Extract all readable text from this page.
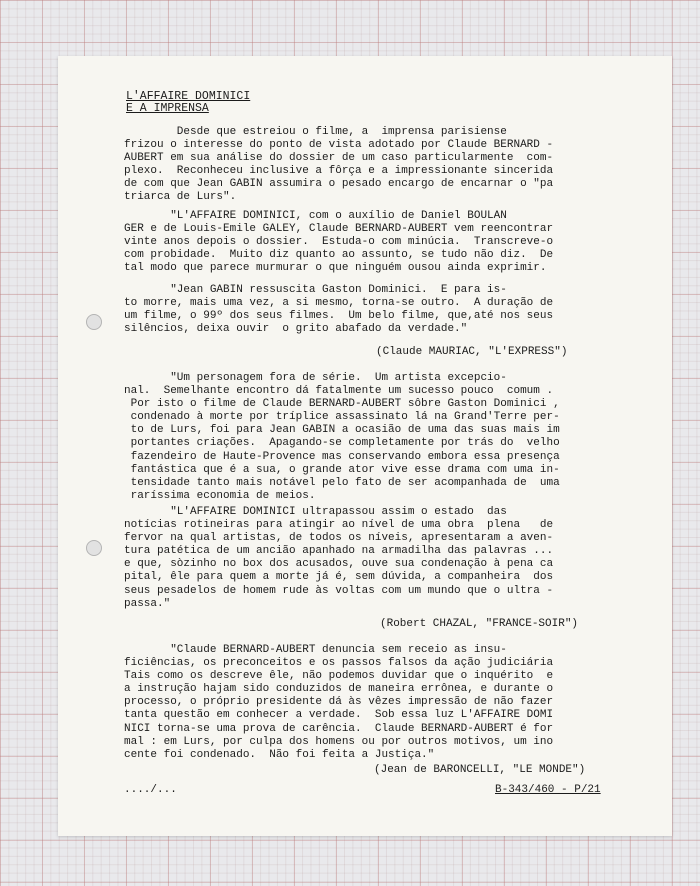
L'AFFAIRE DOMINICI
E A IMPRENSA
Desde que estreiou o filme, a  imprensa parisiense
frizou o interesse do ponto de vista adotado por Claude BERNARD -
AUBERT em sua análise do dossier de um caso particularmente  com-
plexo.  Reconheceu inclusive a fôrça e a impressionante sincerida
de com que Jean GABIN assumira o pesado encargo de encarnar o "pa
triarca de Lurs".
"L'AFFAIRE DOMINICI, com o auxílio de Daniel BOULAN
GER e de Louis-Emile GALEY, Claude BERNARD-AUBERT vem reencontrar
vinte anos depois o dossier.  Estuda-o com minúcia.  Transcreve-o
com probidade.  Muito diz quanto ao assunto, se tudo não diz.  De
tal modo que parece murmurar o que ninguém ousou ainda exprimir.
"Jean GABIN ressuscita Gaston Dominici.  E para is-
to morre, mais uma vez, a si mesmo, torna-se outro.  A duração de
um filme, o 99º dos seus filmes.  Um belo filme, que,até nos seus
silêncios, deixa ouvir  o grito abafado da verdade."
(Claude MAURIAC, "L'EXPRESS")
"Um personagem fora de série.  Um artista excepcio-
nal.  Semelhante encontro dá fatalmente um sucesso pouco  comum .
Por isto o filme de Claude BERNARD-AUBERT sôbre Gaston Dominici ,
condenado à morte por tríplice assassinato lá na Grand'Terre per-
to de Lurs, foi para Jean GABIN a ocasião de uma das suas mais im
portantes criações.  Apagando-se completamente por trás do  velho
fazendeiro de Haute-Provence mas conservando embora essa presença
fantástica que é a sua, o grande ator vive esse drama com uma in-
tensidade tanto mais notável pelo fato de ser acompanhada de  uma
raríssima economia de meios.
"L'AFFAIRE DOMINICI ultrapassou assim o estado  das
notícias rotineiras para atingir ao nível de uma obra  plena   de
fervor na qual artistas, de todos os níveis, apresentaram a aven-
tura patética de um ancião apanhado na armadilha das palavras ...
e que, sòzinho no box dos acusados, ouve sua condenação à pena ca
pital, êle para quem a morte já é, sem dúvida, a companheira  dos
seus pesadelos de homem rude às voltas com um mundo que o ultra -
passa."
(Robert CHAZAL, "FRANCE-SOIR")
"Claude BERNARD-AUBERT denuncia sem receio as insu-
ficiências, os preconceitos e os passos falsos da ação judiciária
Tais como os descreve êle, não podemos duvidar que o inquérito  e
a instrução hajam sido conduzidos de maneira errônea, e durante o
processo, o próprio presidente dá às vêzes impressão de não fazer
tanta questão em conhecer a verdade.  Sob essa luz L'AFFAIRE DOMI
NICI torna-se uma prova de carência.  Claude BERNARD-AUBERT é for
mal : em Lurs, por culpa dos homens ou por outros motivos, um ino
cente foi condenado.  Não foi feita a Justiça."
(Jean de BARONCELLI, "LE MONDE")
..../...	B-343/460 - P/21
